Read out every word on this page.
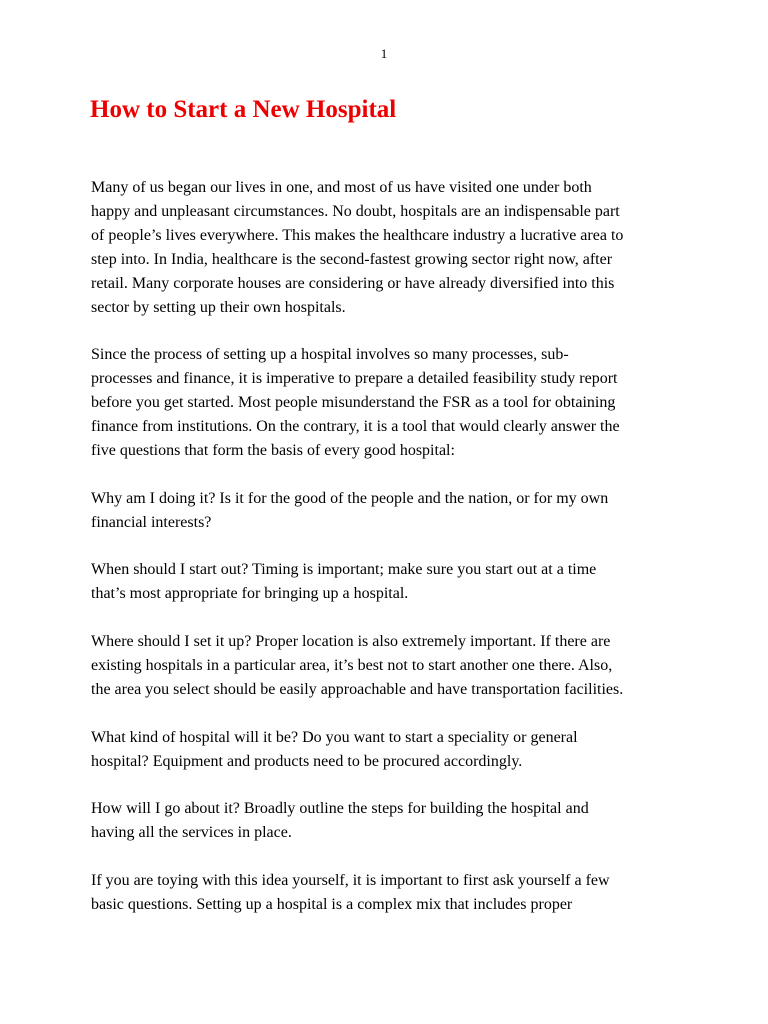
1
How to Start a New Hospital

Many of us began our lives in one, and most of us have visited one under both
happy and unpleasant circumstances. No doubt, hospitals are an indispensable part
of people’s lives everywhere. This makes the healthcare industry a lucrative area to
step into. In India, healthcare is the second-fastest growing sector right now, after
retail. Many corporate houses are considering or have already diversified into this
sector by setting up their own hospitals.

Since the process of setting up a hospital involves so many processes, sub-
processes and finance, it is imperative to prepare a detailed feasibility study report
before you get started. Most people misunderstand the FSR as a tool for obtaining
finance from institutions. On the contrary, it is a tool that would clearly answer the
five questions that form the basis of every good hospital:

Why am I doing it? Is it for the good of the people and the nation, or for my own
financial interests?

When should I start out? Timing is important; make sure you start out at a time
that’s most appropriate for bringing up a hospital.

Where should I set it up? Proper location is also extremely important. If there are
existing hospitals in a particular area, it’s best not to start another one there. Also,
the area you select should be easily approachable and have transportation facilities.

What kind of hospital will it be? Do you want to start a speciality or general
hospital? Equipment and products need to be procured accordingly.

How will I go about it? Broadly outline the steps for building the hospital and
having all the services in place.

If you are toying with this idea yourself, it is important to first ask yourself a few
basic questions. Setting up a hospital is a complex mix that includes proper
